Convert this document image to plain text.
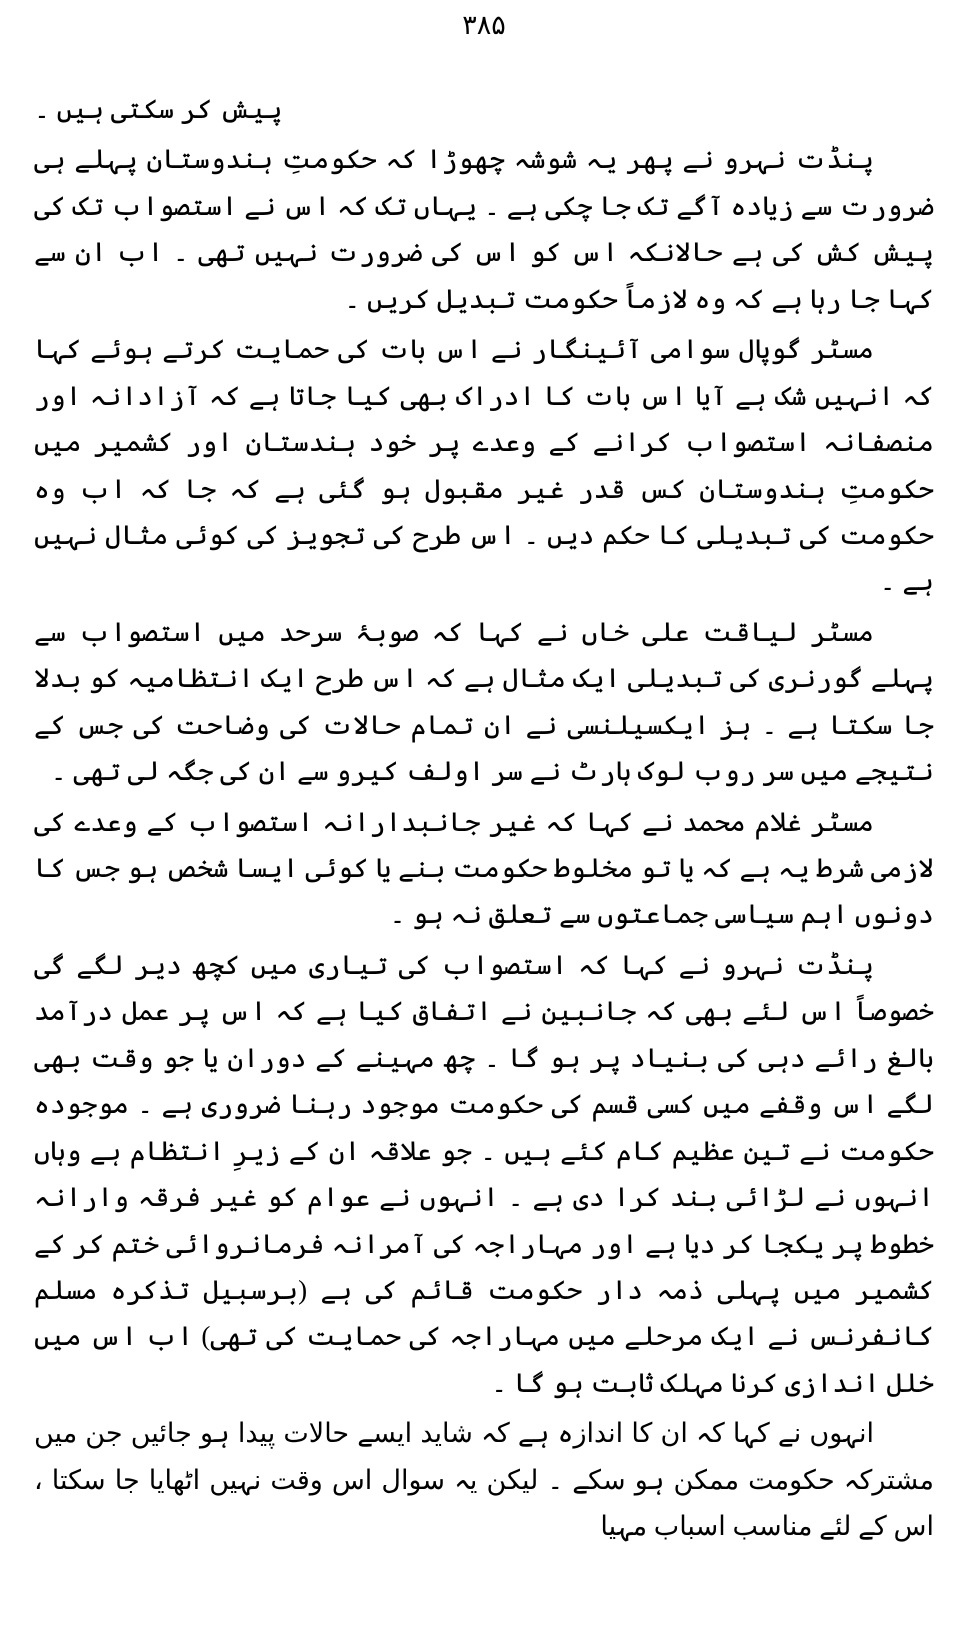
۳۸۵

پیش کر سکتی ہیں ۔

پنڈت نہرو نے پھر یہ شوشہ چھوڑا کہ حکومتِ ہندوستان پہلے ہی ضرورت سے زیادہ آگے تک جا چکی ہے ۔ یہاں تک کہ اس نے استصواب تک کی پیش کش کی ہے حالانکہ اس کو اس کی ضرورت نہیں تھی ۔ اب ان سے کہا جا رہا ہے کہ وہ لازماً حکومت تبدیل کریں ۔

مسٹر گوپال سوامی آئینگار نے اس بات کی حمایت کرتے ہوئے کہا کہ انہیں شک ہے آیا اس بات کا ادراک بھی کیا جاتا ہے کہ آزادانہ اور منصفانہ استصواب کرانے کے وعدے پر خود ہندستان اور کشمیر میں حکومتِ ہندوستان کس قدر غیر مقبول ہو گئی ہے کہ جا کہ اب وہ حکومت کی تبدیلی کا حکم دیں ۔ اس طرح کی تجویز کی کوئی مثال نہیں ہے ۔

مسٹر لیاقت علی خاں نے کہا کہ صوبۂ سرحد میں استصواب سے پہلے گورنری کی تبدیلی ایک مثال ہے کہ اس طرح ایک انتظامیہ کو بدلا جا سکتا ہے ۔ ہز ایکسیلنسی نے ان تمام حالات کی وضاحت کی جس کے نتیجے میں سر روب لوک ہارٹ نے سر اولف کیرو سے ان کی جگہ لی تھی ۔

مسٹر غلام محمد نے کہا کہ غیر جانبدارانہ استصواب کے وعدے کی لازمی شرط یہ ہے کہ یا تو مخلوط حکومت بنے یا کوئی ایسا شخص ہو جس کا دونوں اہم سیاسی جماعتوں سے تعلق نہ ہو ۔

پنڈت نہرو نے کہا کہ استصواب کی تیاری میں کچھ دیر لگے گی خصوصاً اس لئے بھی کہ جانبین نے اتفاق کیا ہے کہ اس پر عمل درآمد بالغ رائے دہی کی بنیاد پر ہو گا ۔ چھ مہینے کے دوران یا جو وقت بھی لگے اس وقفے میں کسی قسم کی حکومت موجود رہنا ضروری ہے ۔ موجودہ حکومت نے تین عظیم کام کئے ہیں ۔ جو علاقہ ان کے زیرِ انتظام ہے وہاں انہوں نے لڑائی بند کرا دی ہے ۔ انہوں نے عوام کو غیر فرقہ وارانہ خطوط پر یکجا کر دیا ہے اور مہاراجہ کی آمرانہ فرمانروائی ختم کر کے کشمیر میں پہلی ذمہ دار حکومت قائم کی ہے (برسبیل تذکرہ مسلم کانفرنس نے ایک مرحلے میں مہاراجہ کی حمایت کی تھی) اب اس میں خلل اندازی کرنا مہلک ثابت ہو گا ۔

انہوں نے کہا کہ ان کا اندازہ ہے کہ شاید ایسے حالات پیدا ہو جائیں جن میں مشترکہ حکومت ممکن ہو سکے ۔ لیکن یہ سوال اس وقت نہیں اٹھایا جا سکتا ، اس کے لئے مناسب اسباب مہیا
